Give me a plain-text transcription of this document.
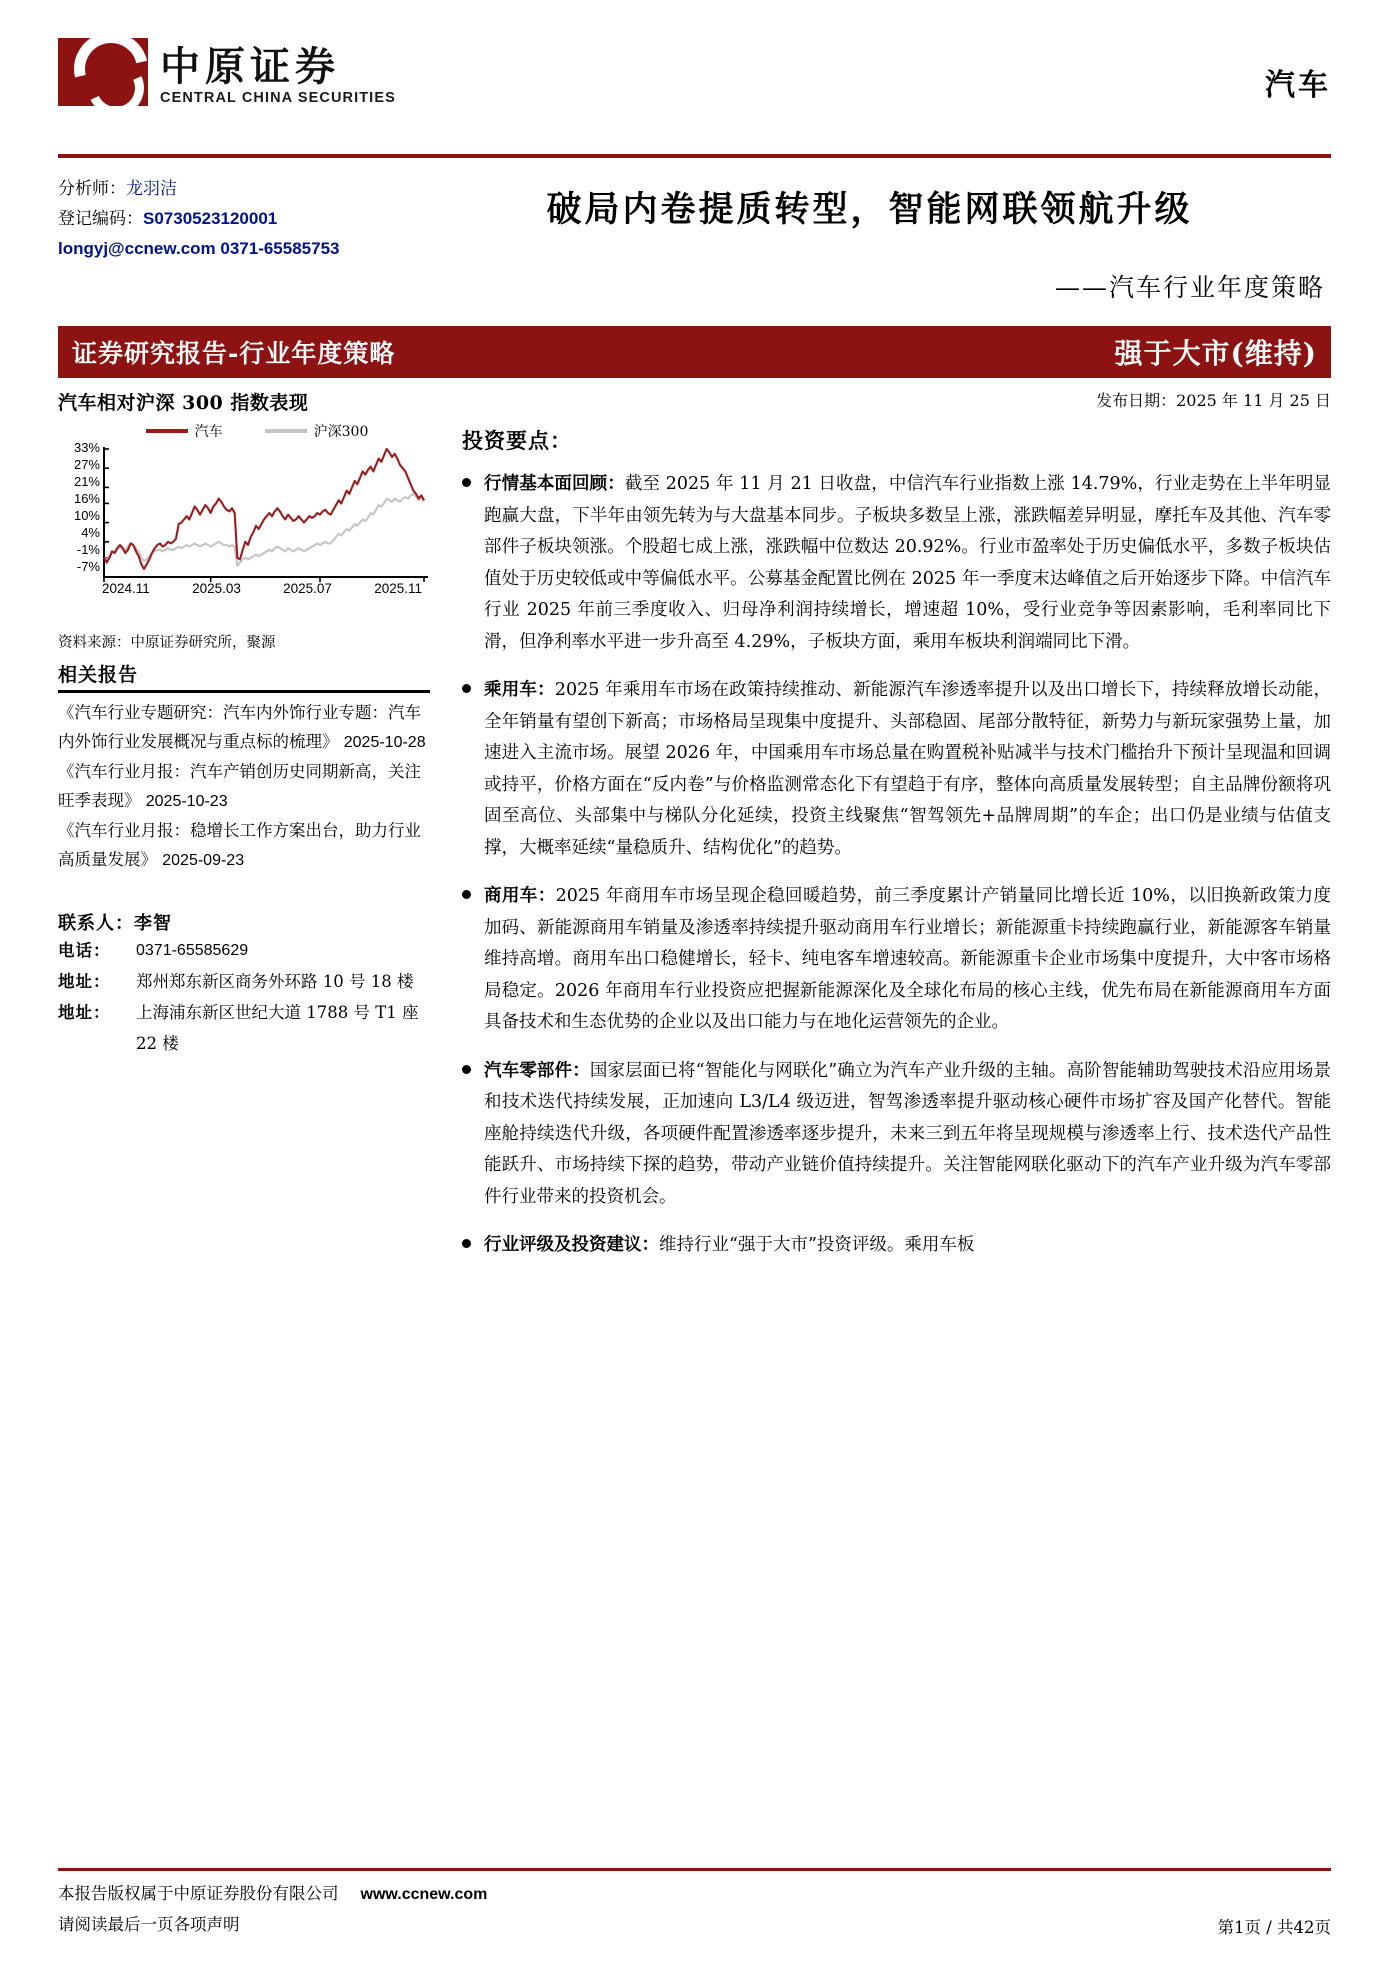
中原证券
CENTRAL CHINA SECURITIES	汽车
分析师：龙羽洁
登记编码：S0730523120001
longyj@ccnew.com 0371-65585753
破局内卷提质转型，智能网联领航升级
——汽车行业年度策略
证券研究报告-行业年度策略	强于大市(维持)
汽车相对沪深 300 指数表现
汽车	沪深300
33%
27%
21%
16%
10%
4%
-1%
-7%
2024.11	2025.03	2025.07	2025.11
资料来源：中原证券研究所，聚源
相关报告
《汽车行业专题研究：汽车内外饰行业专题：汽车内外饰行业发展概况与重点标的梳理》 2025-10-28
《汽车行业月报：汽车产销创历史同期新高，关注旺季表现》 2025-10-23
《汽车行业月报：稳增长工作方案出台，助力行业高质量发展》 2025-09-23
联系人：李智
电话：	0371-65585629
地址：	郑州郑东新区商务外环路 10 号 18 楼
地址：	上海浦东新区世纪大道 1788 号 T1 座 22 楼
发布日期：2025 年 11 月 25 日
投资要点：
行情基本面回顾：截至 2025 年 11 月 21 日收盘，中信汽车行业指数上涨 14.79%，行业走势在上半年明显跑赢大盘，下半年由领先转为与大盘基本同步。子板块多数呈上涨，涨跌幅差异明显，摩托车及其他、汽车零部件子板块领涨。个股超七成上涨，涨跌幅中位数达 20.92%。行业市盈率处于历史偏低水平，多数子板块估值处于历史较低或中等偏低水平。公募基金配置比例在 2025 年一季度末达峰值之后开始逐步下降。中信汽车行业 2025 年前三季度收入、归母净利润持续增长，增速超 10%，受行业竞争等因素影响，毛利率同比下滑，但净利率水平进一步升高至 4.29%，子板块方面，乘用车板块利润端同比下滑。
乘用车：2025 年乘用车市场在政策持续推动、新能源汽车渗透率提升以及出口增长下，持续释放增长动能，全年销量有望创下新高；市场格局呈现集中度提升、头部稳固、尾部分散特征，新势力与新玩家强势上量，加速进入主流市场。展望 2026 年，中国乘用车市场总量在购置税补贴减半与技术门槛抬升下预计呈现温和回调或持平，价格方面在“反内卷”与价格监测常态化下有望趋于有序，整体向高质量发展转型；自主品牌份额将巩固至高位、头部集中与梯队分化延续，投资主线聚焦“智驾领先+品牌周期”的车企；出口仍是业绩与估值支撑，大概率延续“量稳质升、结构优化”的趋势。
商用车：2025 年商用车市场呈现企稳回暖趋势，前三季度累计产销量同比增长近 10%，以旧换新政策力度加码、新能源商用车销量及渗透率持续提升驱动商用车行业增长；新能源重卡持续跑赢行业，新能源客车销量维持高增。商用车出口稳健增长，轻卡、纯电客车增速较高。新能源重卡企业市场集中度提升，大中客市场格局稳定。2026 年商用车行业投资应把握新能源深化及全球化布局的核心主线，优先布局在新能源商用车方面具备技术和生态优势的企业以及出口能力与在地化运营领先的企业。
汽车零部件：国家层面已将“智能化与网联化”确立为汽车产业升级的主轴。高阶智能辅助驾驶技术沿应用场景和技术迭代持续发展，正加速向 L3/L4 级迈进，智驾渗透率提升驱动核心硬件市场扩容及国产化替代。智能座舱持续迭代升级，各项硬件配置渗透率逐步提升，未来三到五年将呈现规模与渗透率上行、技术迭代产品性能跃升、市场持续下探的趋势，带动产业链价值持续提升。关注智能网联化驱动下的汽车产业升级为汽车零部件行业带来的投资机会。
行业评级及投资建议：维持行业“强于大市”投资评级。乘用车板
本报告版权属于中原证券股份有限公司 www.ccnew.com
请阅读最后一页各项声明	第1页 / 共42页
